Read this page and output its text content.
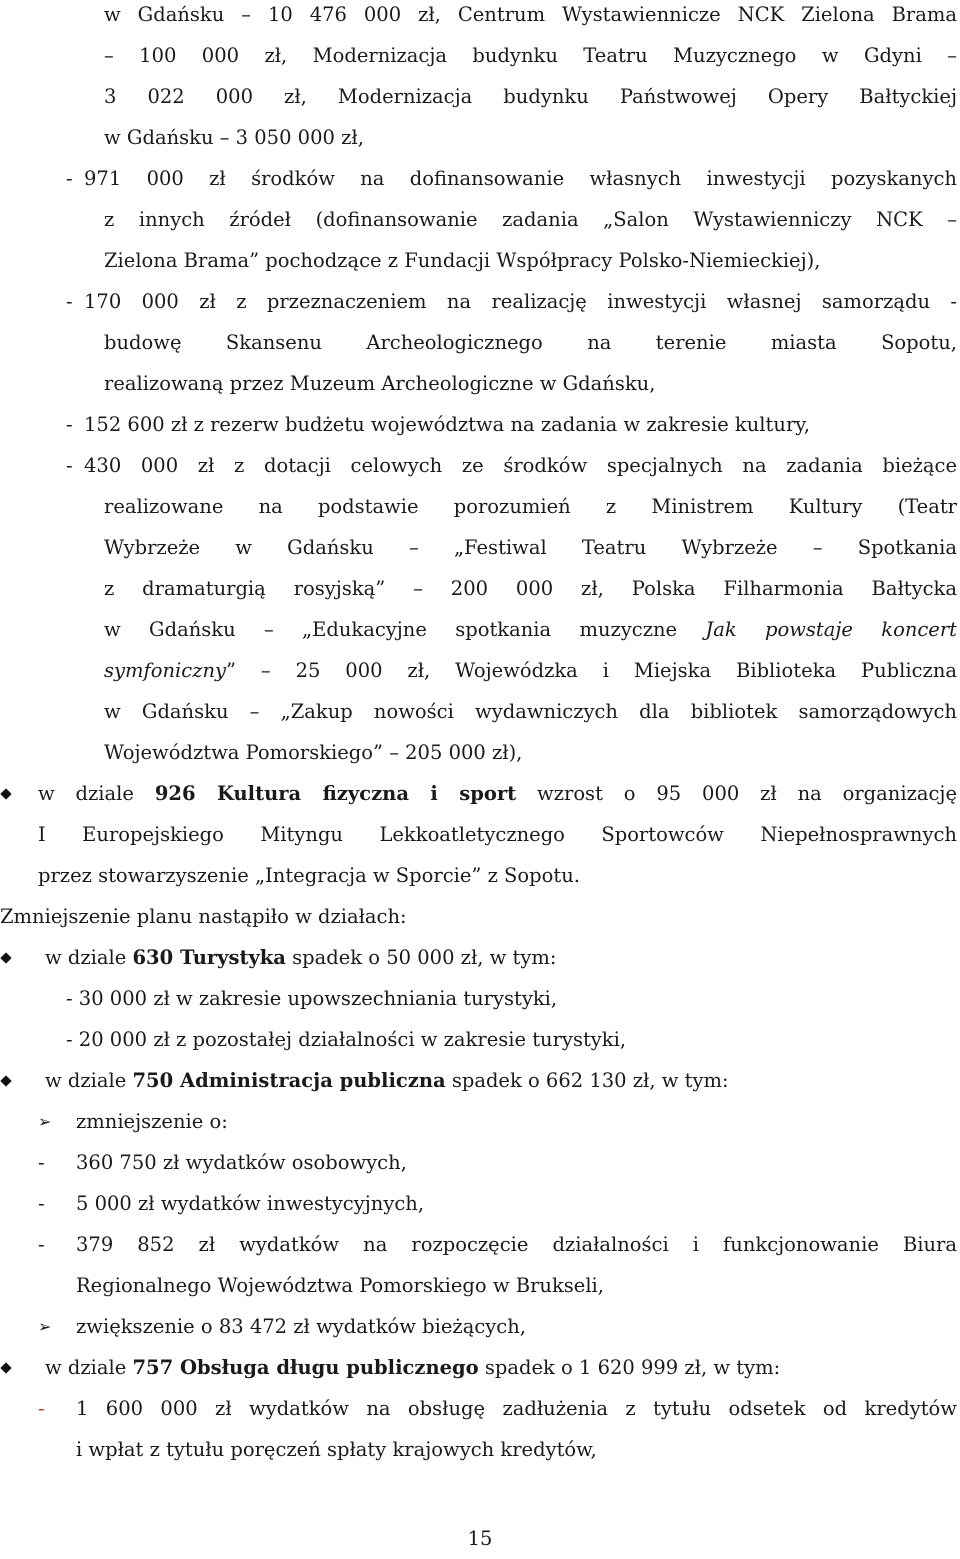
w Gdańsku – 10 476 000 zł, Centrum Wystawiennicze NCK Zielona Brama
– 100 000 zł, Modernizacja budynku Teatru Muzycznego w Gdyni –
3 022 000 zł, Modernizacja budynku Państwowej Opery Bałtyckiej
w Gdańsku – 3 050 000 zł,
- 971 000 zł środków na dofinansowanie własnych inwestycji pozyskanych
z innych źródeł (dofinansowanie zadania „Salon Wystawienniczy NCK –
Zielona Brama” pochodzące z Fundacji Współpracy Polsko-Niemieckiej),
- 170 000 zł z przeznaczeniem na realizację inwestycji własnej samorządu -
budowę Skansenu Archeologicznego na terenie miasta Sopotu,
realizowaną przez Muzeum Archeologiczne w Gdańsku,
- 152 600 zł z rezerw budżetu województwa na zadania w zakresie kultury,
- 430 000 zł z dotacji celowych ze środków specjalnych na zadania bieżące
realizowane na podstawie porozumień z Ministrem Kultury (Teatr
Wybrzeże w Gdańsku – „Festiwal Teatru Wybrzeże – Spotkania
z dramaturgią rosyjską” – 200 000 zł, Polska Filharmonia Bałtycka
w Gdańsku – „Edukacyjne spotkania muzyczne Jak powstaje koncert
symfoniczny” – 25 000 zł, Wojewódzka i Miejska Biblioteka Publiczna
w Gdańsku – „Zakup nowości wydawniczych dla bibliotek samorządowych
Województwa Pomorskiego” – 205 000 zł),
w dziale 926 Kultura fizyczna i sport wzrost o 95 000 zł na organizację
I Europejskiego Mityngu Lekkoatletycznego Sportowców Niepełnosprawnych
przez stowarzyszenie „Integracja w Sporcie” z Sopotu.
Zmniejszenie planu nastąpiło w działach:
w dziale 630 Turystyka spadek o 50 000 zł, w tym:
- 30 000 zł w zakresie upowszechniania turystyki,
- 20 000 zł z pozostałej działalności w zakresie turystyki,
w dziale 750 Administracja publiczna spadek o 662 130 zł, w tym:
➢ zmniejszenie o:
- 360 750 zł wydatków osobowych,
- 5 000 zł wydatków inwestycyjnych,
- 379 852 zł wydatków na rozpoczęcie działalności i funkcjonowanie Biura
Regionalnego Województwa Pomorskiego w Brukseli,
➢ zwiększenie o 83 472 zł wydatków bieżących,
w dziale 757 Obsługa długu publicznego spadek o 1 620 999 zł, w tym:
- 1 600 000 zł wydatków na obsługę zadłużenia z tytułu odsetek od kredytów
i wpłat z tytułu poręczeń spłaty krajowych kredytów,
15
